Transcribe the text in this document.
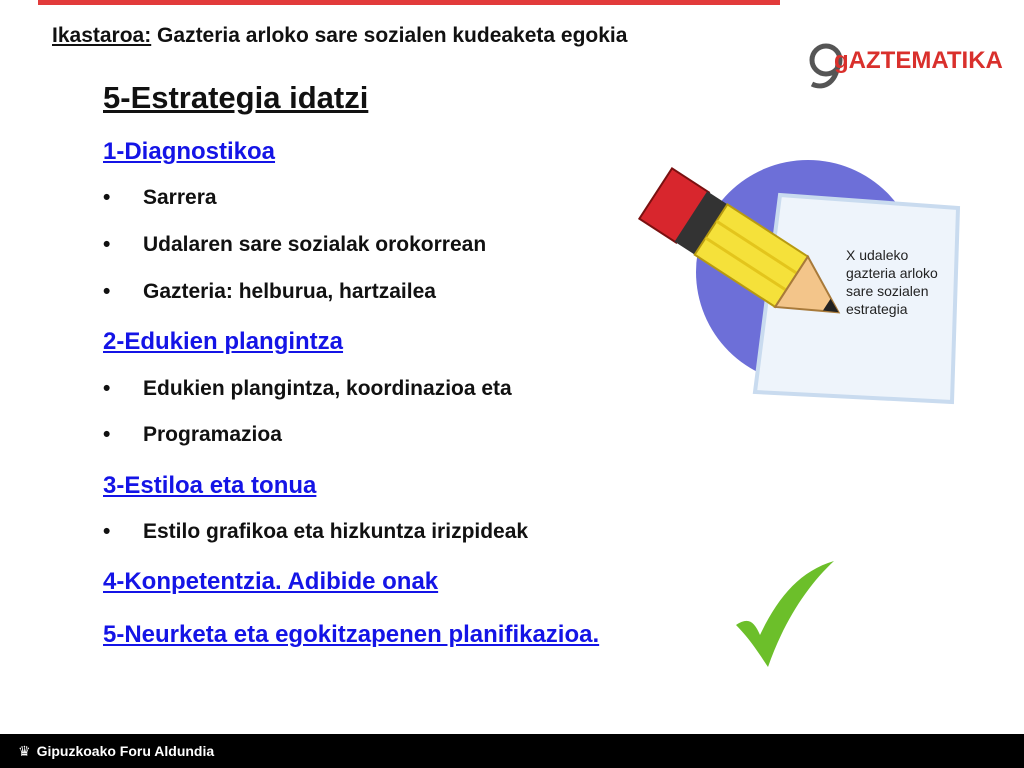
Ikastaroa: Gazteria arloko sare sozialen kudeaketa egokia
gAZTEMATIKA
5-Estrategia idatzi
1-Diagnostikoa
• Sarrera
• Udalaren sare sozialak orokorrean
• Gazteria: helburua, hartzailea
2-Edukien plangintza
• Edukien plangintza, koordinazioa eta
• Programazioa
3-Estiloa eta tonua
• Estilo grafikoa eta hizkuntza irizpideak
4-Konpetentzia. Adibide onak
5-Neurketa eta egokitzapenen planifikazioa.
X udaleko gazteria arloko sare sozialen estrategia
♛ Gipuzkoako Foru Aldundia
